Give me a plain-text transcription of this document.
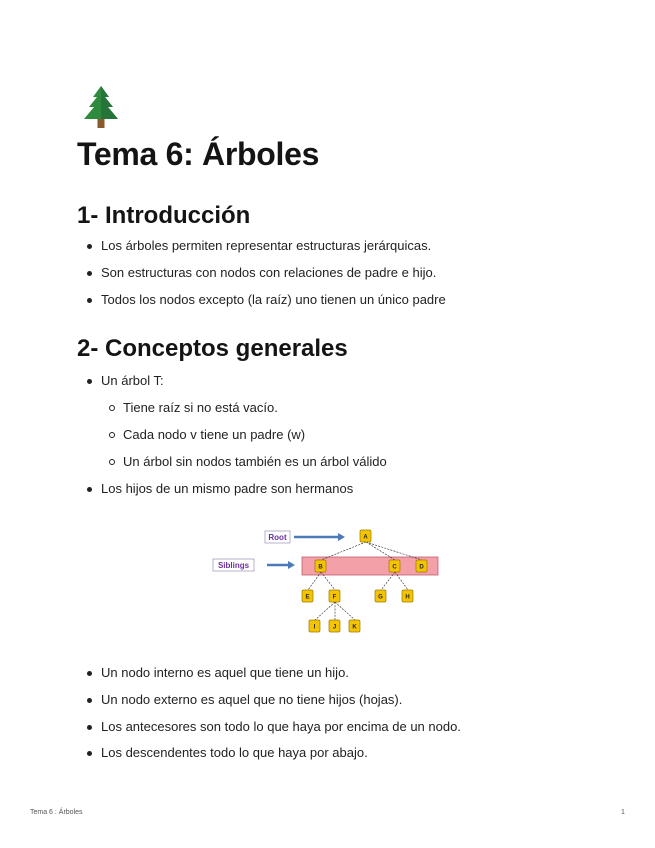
Tema 6: Árboles
1- Introducción
Los árboles permiten representar estructuras jerárquicas.
Son estructuras con nodos con relaciones de padre e hijo.
Todos los nodos excepto (la raíz) uno tienen un único padre
2- Conceptos generales
Un árbol T:
Tiene raíz si no está vacío.
Cada nodo v tiene un padre (w)
Un árbol sin nodos también es un árbol válido
Los hijos de un mismo padre son hermanos
Root
Siblings
A
B	C	D
E	F	G	H
I	J	K
Un nodo interno es aquel que tiene un hijo.
Un nodo externo es aquel que no tiene hijos (hojas).
Los antecesores son todo lo que haya por encima de un nodo.
Los descendentes todo lo que haya por abajo.
Tema 6 : Árboles	1
